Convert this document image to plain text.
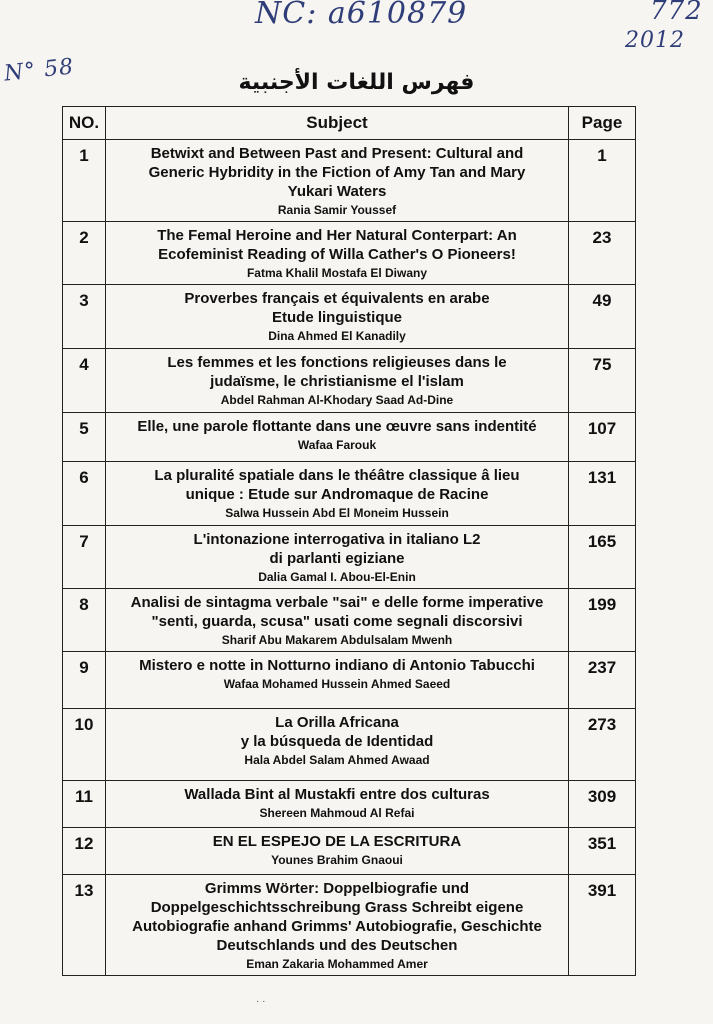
NC: a610879	772
2012
N° 58	فهرس اللغات الأجنبية
NO.	Subject	Page
1	Betwixt and Between Past and Present: Cultural and
Generic Hybridity in the Fiction of Amy Tan and Mary
Yukari Waters
Rania Samir Youssef	1
2	The Femal Heroine and Her Natural Conterpart: An
Ecofeminist Reading of Willa Cather's O Pioneers!
Fatma Khalil Mostafa El Diwany	23
3	Proverbes français et équivalents en arabe
Etude linguistique
Dina Ahmed El Kanadily	49
4	Les femmes et les fonctions religieuses dans le
judaïsme, le christianisme el l'islam
Abdel Rahman Al-Khodary Saad Ad-Dine	75
5	Elle, une parole flottante dans une œuvre sans indentité
Wafaa Farouk	107
6	La pluralité spatiale dans le théâtre classique â lieu
unique : Etude sur Andromaque de Racine
Salwa Hussein Abd El Moneim Hussein	131
7	L'intonazione interrogativa in italiano L2
di parlanti egiziane
Dalia Gamal I. Abou-El-Enin	165
8	Analisi de sintagma verbale "sai" e delle forme imperative
"senti, guarda, scusa" usati come segnali discorsivi
Sharif Abu Makarem Abdulsalam Mwenh	199
9	Mistero e notte in Notturno indiano di Antonio Tabucchi
Wafaa Mohamed Hussein Ahmed Saeed	237
10	La Orilla Africana
y la búsqueda de Identidad
Hala Abdel Salam Ahmed Awaad	273
11	Wallada Bint al Mustakfi entre dos culturas
Shereen Mahmoud Al Refai	309
12	EN EL ESPEJO DE LA ESCRITURA
Younes Brahim Gnaoui	351
13	Grimms Wörter: Doppelbiografie und
Doppelgeschichtsschreibung Grass Schreibt eigene
Autobiografie anhand Grimms' Autobiografie, Geschichte
Deutschlands und des Deutschen
Eman Zakaria Mohammed Amer	391
· ·
